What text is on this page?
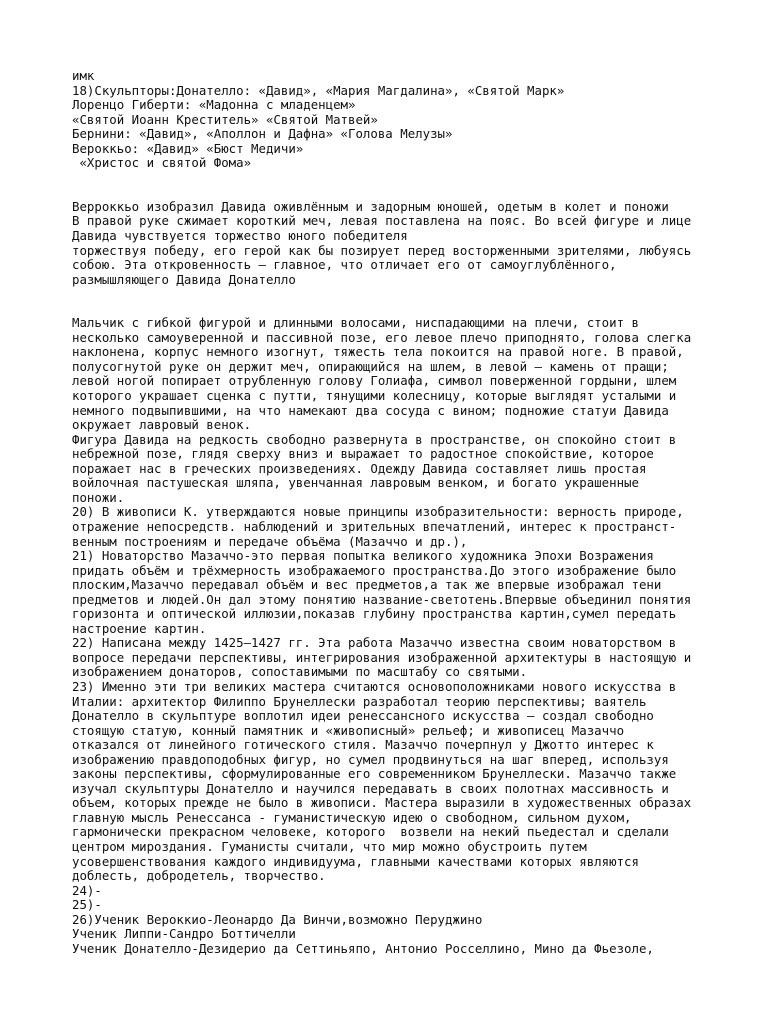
имк
18)Скульпторы:Донателло: «Давид», «Мария Магдалина», «Святой Марк»
Лоренцо Гиберти: «Мадонна с младенцем»
«Святой Иоанн Креститель» «Святой Матвей»
Бернини: «Давид», «Аполлон и Дафна» «Голова Мелузы»
Вероккьо: «Давид» «Бюст Медичи»
«Христос и святой Фома»
Верроккьо изобразил Давида оживлённым и задорным юношей, одетым в колет и поножи
В правой руке сжимает короткий меч, левая поставлена на пояс. Во всей фигуре и лице
Давида чувствуется торжество юного победителя
торжествуя победу, его герой как бы позирует перед восторженными зрителями, любуясь
собою. Эта откровенность — главное, что отличает его от самоуглублённого,
размышляющего Давида Донателло
Мальчик с гибкой фигурой и длинными волосами, ниспадающими на плечи, стоит в
несколько самоуверенной и пассивной позе, его левое плечо приподнято, голова слегка
наклонена, корпус немного изогнут, тяжесть тела покоится на правой ноге. В правой,
полусогнутой руке он держит меч, опирающийся на шлем, в левой — камень от пращи;
левой ногой попирает отрубленную голову Голиафа, символ поверженной гордыни, шлем
которого украшает сценка с путти, тянущими колесницу, которые выглядят усталыми и
немного подвыпившими, на что намекают два сосуда с вином; подножие статуи Давида
окружает лавровый венок.
Фигура Давида на редкость свободно развернута в пространстве, он спокойно стоит в
небрежной позе, глядя сверху вниз и выражает то радостное спокойствие, которое
поражает нас в греческих произведениях. Одежду Давида составляет лишь простая
войлочная пастушеская шляпа, увенчанная лавровым венком, и богато украшенные
поножи.
20) В живописи К. утверждаются новые принципы изобразительности: верность природе,
отражение непосредств. наблюдений и зрительных впечатлений, интерес к пространст-
венным построениям и передаче объёма (Мазаччо и др.),
21) Новаторство Мазаччо-это первая попытка великого художника Эпохи Возражения
придать объём и трёхмерность изображаемого пространства.До этого изображение было
плоским,Мазаччо передавал объём и вес предметов,а так же впервые изображал тени
предметов и людей.Он дал этому понятию название-светотень.Впервые объединил понятия
горизонта и оптической иллюзии,показав глубину пространства картин,сумел передать
настроение картин.
22) Написана между 1425–1427 гг. Эта работа Мазаччо известна своим новаторством в
вопросе передачи перспективы, интегрирования изображенной архитектуры в настоящую и
изображением донаторов, сопоставимыми по масштабу со святыми.
23) Именно эти три великих мастера считаются основоположниками нового искусства в
Италии: архитектор Филиппо Брунеллески разработал теорию перспективы; ваятель
Донателло в скульптуре воплотил идеи ренессансного искусства – создал свободно
стоящую статую, конный памятник и «живописный» рельеф; и живописец Мазаччо
отказался от линейного готического стиля. Мазаччо почерпнул у Джотто интерес к
изображению правдоподобных фигур, но сумел продвинуться на шаг вперед, используя
законы перспективы, сформулированные его современником Брунеллески. Мазаччо также
изучал скульптуры Донателло и научился передавать в своих полотнах массивность и
объем, которых прежде не было в живописи. Мастера выразили в художественных образах
главную мысль Ренессанса - гуманистическую идею о свободном, сильном духом,
гармонически прекрасном человеке, которого  возвели на некий пьедестал и сделали
центром мироздания. Гуманисты считали, что мир можно обустроить путем
усовершенствования каждого индивидуума, главными качествами которых являются
доблесть, добродетель, творчество.
24)-
25)-
26)Ученик Вероккио-Леонардо Да Винчи,возможно Перуджино
Ученик Липпи-Сандро Боттичелли
Ученик Донателло-Дезидерио да Сеттиньяпо, Антонио Росселлино, Мино да Фьезоле,
